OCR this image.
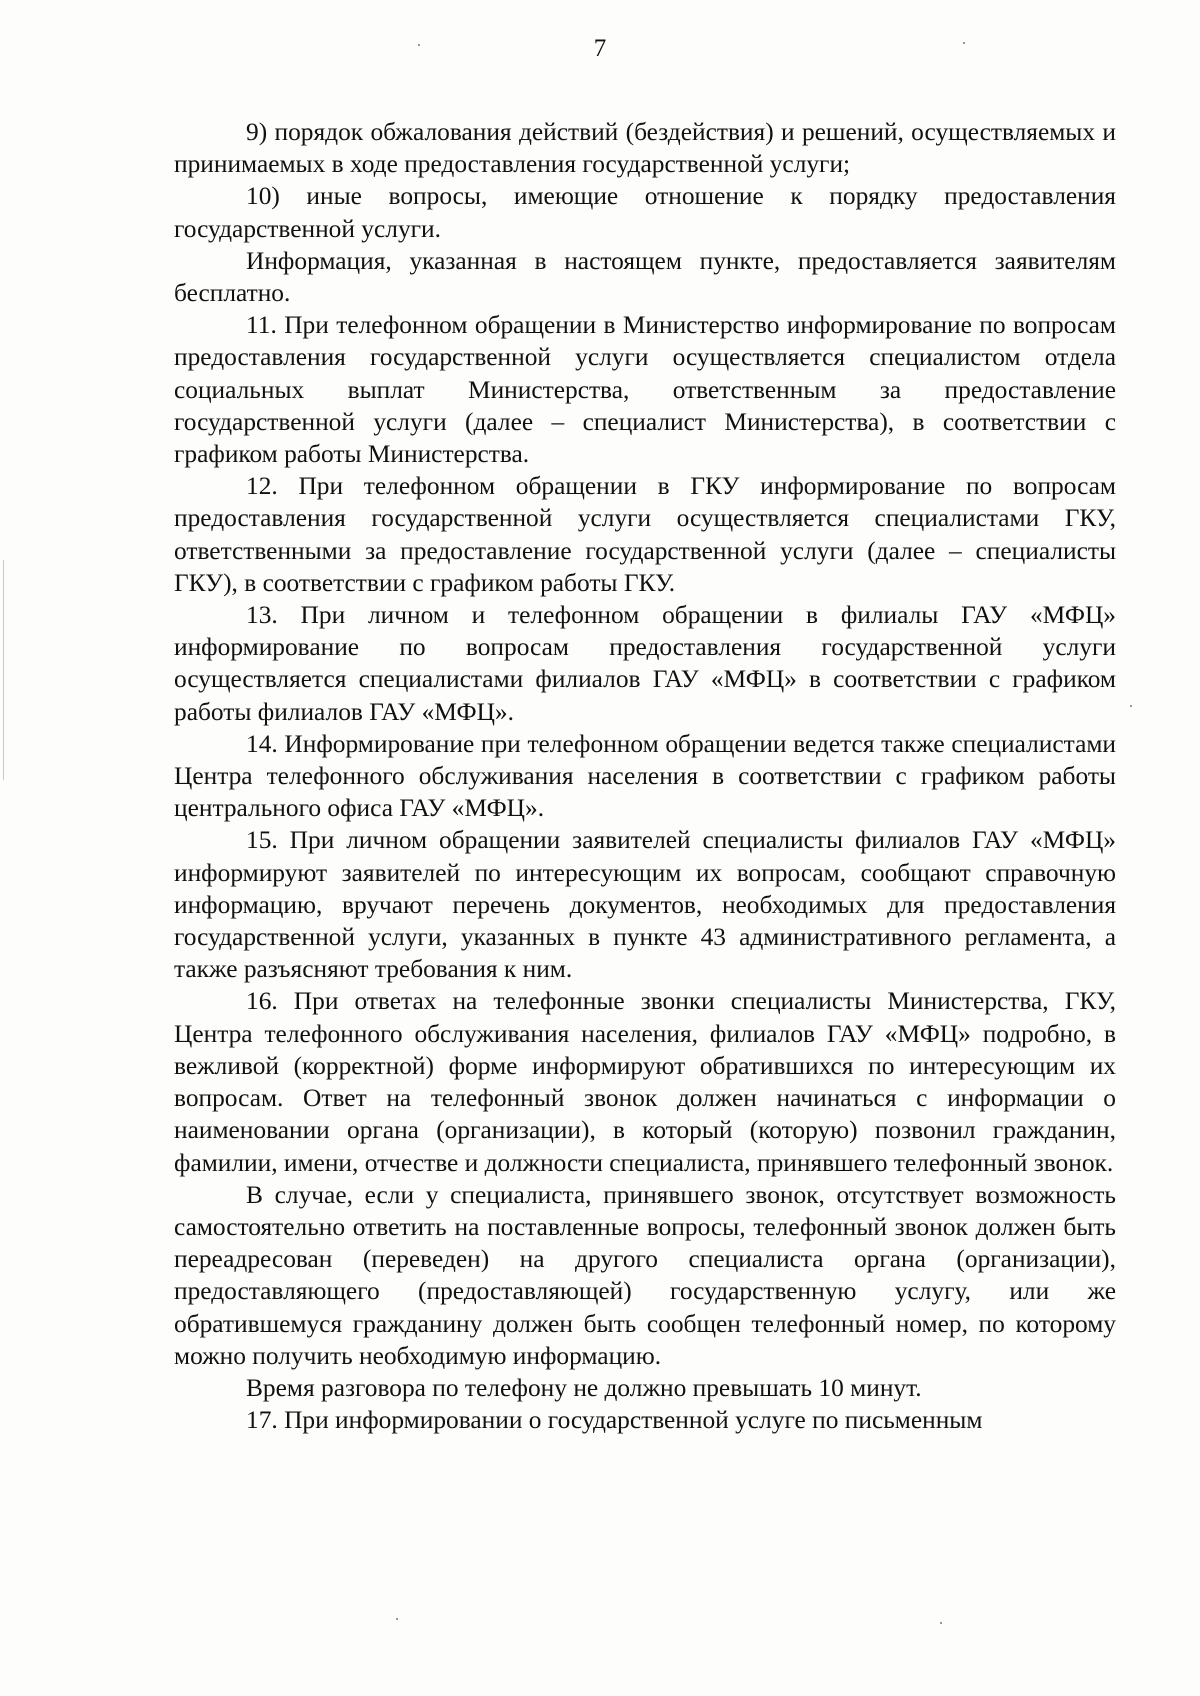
7

9) порядок обжалования действий (бездействия) и решений, осуществляемых и принимаемых в ходе предоставления государственной услуги;

10) иные вопросы, имеющие отношение к порядку предоставления государственной услуги.

Информация, указанная в настоящем пункте, предоставляется заявителям бесплатно.

11. При телефонном обращении в Министерство информирование по вопросам предоставления государственной услуги осуществляется специалистом отдела социальных выплат Министерства, ответственным за предоставление государственной услуги (далее – специалист Министерства), в соответствии с графиком работы Министерства.

12. При телефонном обращении в ГКУ информирование по вопросам предоставления государственной услуги осуществляется специалистами ГКУ, ответственными за предоставление государственной услуги (далее – специалисты ГКУ), в соответствии с графиком работы ГКУ.

13. При личном и телефонном обращении в филиалы ГАУ «МФЦ» информирование по вопросам предоставления государственной услуги осуществляется специалистами филиалов ГАУ «МФЦ» в соответствии с графиком работы филиалов ГАУ «МФЦ».

14. Информирование при телефонном обращении ведется также специалистами Центра телефонного обслуживания населения в соответствии с графиком работы центрального офиса ГАУ «МФЦ».

15. При личном обращении заявителей специалисты филиалов ГАУ «МФЦ» информируют заявителей по интересующим их вопросам, сообщают справочную информацию, вручают перечень документов, необходимых для предоставления государственной услуги, указанных в пункте 43 административного регламента, а также разъясняют требования к ним.

16. При ответах на телефонные звонки специалисты Министерства, ГКУ, Центра телефонного обслуживания населения, филиалов ГАУ «МФЦ» подробно, в вежливой (корректной) форме информируют обратившихся по интересующим их вопросам. Ответ на телефонный звонок должен начинаться с информации о наименовании органа (организации), в который (которую) позвонил гражданин, фамилии, имени, отчестве и должности специалиста, принявшего телефонный звонок.

В случае, если у специалиста, принявшего звонок, отсутствует возможность самостоятельно ответить на поставленные вопросы, телефонный звонок должен быть переадресован (переведен) на другого специалиста органа (организации), предоставляющего (предоставляющей) государственную услугу, или же обратившемуся гражданину должен быть сообщен телефонный номер, по которому можно получить необходимую информацию.

Время разговора по телефону не должно превышать 10 минут.

17. При информировании о государственной услуге по письменным
